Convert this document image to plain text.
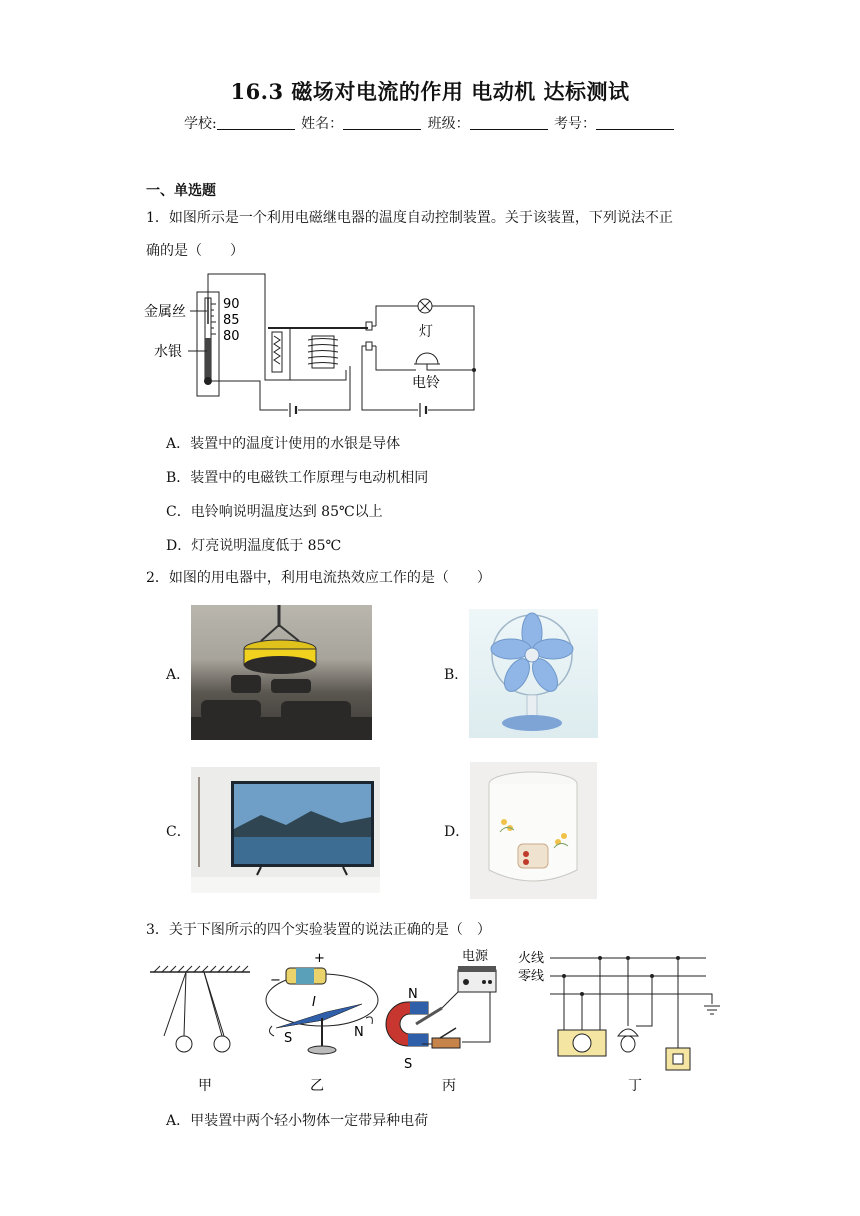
16.3 磁场对电流的作用 电动机 达标测试
学校:	姓名：	班级：	考号：
一、单选题
1．如图所示是一个利用电磁继电器的温度自动控制装置。关于该装置，下列说法不正
确的是（　　）
90
85
80
金属丝
水银
灯
电铃
A．装置中的温度计使用的水银是导体
B．装置中的电磁铁工作原理与电动机相同
C．电铃响说明温度达到 85℃以上
D．灯亮说明温度低于 85℃
2．如图的用电器中，利用电流热效应工作的是（　　）
A．	B．
C．	D．
3．关于下图所示的四个实验装置的说法正确的是（　）
甲
+
−
I
S	N
乙
N
S
电源
丙
火线
零线
丁
A．甲装置中两个轻小物体一定带异种电荷
